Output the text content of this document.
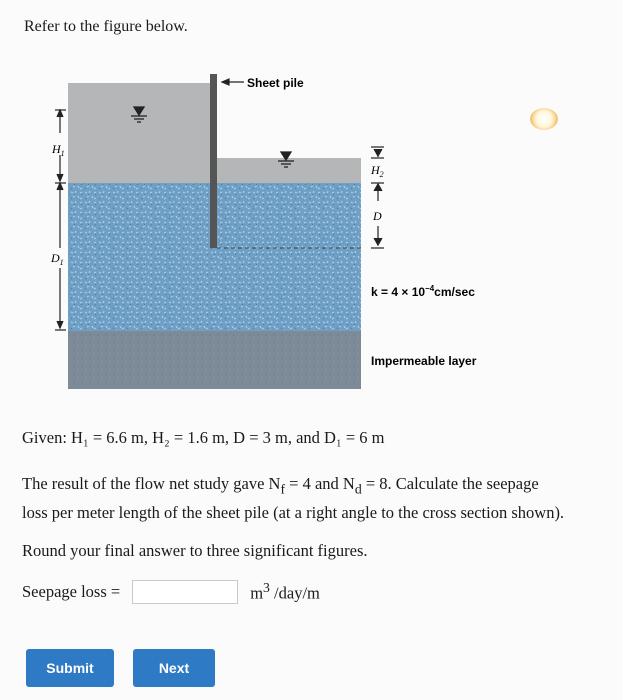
Refer to the figure below.
$H_1$
$D_1$
$H_2$
D
Sheet pile
$k = 4 \times 10^{-4}cm/\sec$
Impermeable layer
Given: H₁ = 6.6 m, H₂ = 1.6 m, D = 3 m, and D₁ = 6 m
The result of the flow net study gave $N_f = 4$ and $N_d = 8$. Calculate the seepage
loss per meter length of the sheet pile (at a right angle to the cross section shown).
Round your final answer to three significant figures.
Seepage loss =	$m^3$ /day/m
Submit	Next
